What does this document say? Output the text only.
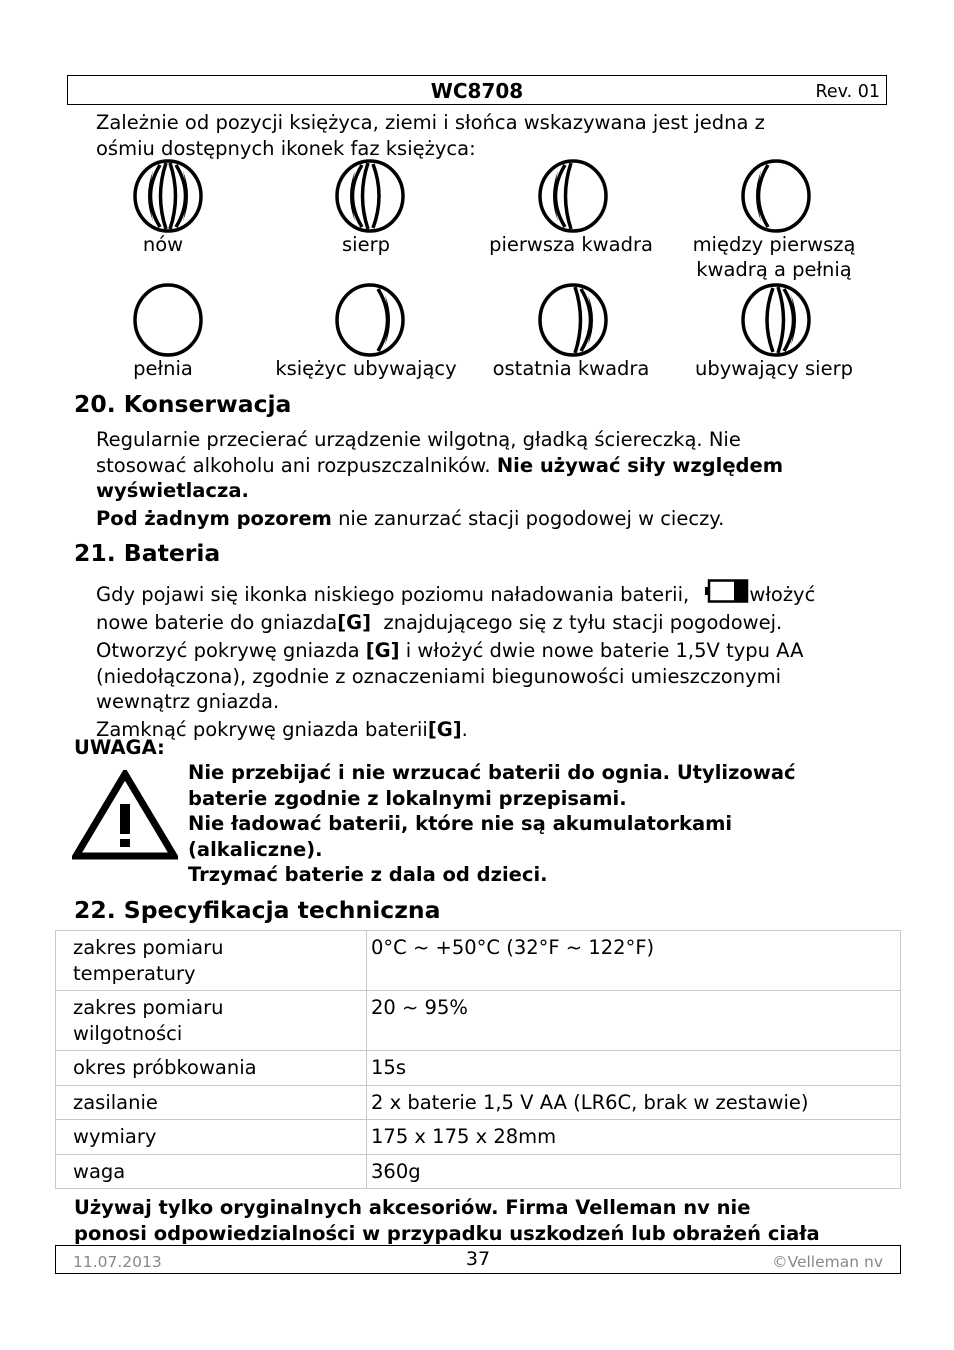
WC8708	Rev. 01
Zależnie od pozycji księżyca, ziemi i słońca wskazywana jest jedna z
ośmiu dostępnych ikonek faz księżyca:
nów	sierp	pierwsza kwadra	między pierwszą
kwadrą a pełnią
pełnia	księżyc ubywający	ostatnia kwadra	ubywający sierp
20. Konserwacja
Regularnie przecierać urządzenie wilgotną, gładką ściereczką. Nie
stosować alkoholu ani rozpuszczalników. Nie używać siły względem
wyświetlacza.
Pod żadnym pozorem nie zanurzać stacji pogodowej w cieczy.
21. Bateria
Gdy pojawi się ikonka niskiego poziomu naładowania baterii,	włożyć
nowe baterie do gniazda[G]  znajdującego się z tyłu stacji pogodowej.
Otworzyć pokrywę gniazda [G] i włożyć dwie nowe baterie 1,5V typu AA
(niedołączona), zgodnie z oznaczeniami biegunowości umieszczonymi
wewnątrz gniazda.
Zamknąć pokrywę gniazda baterii[G].
UWAGA:
Nie przebijać i nie wrzucać baterii do ognia. Utylizować
baterie zgodnie z lokalnymi przepisami.
Nie ładować baterii, które nie są akumulatorkami
(alkaliczne).
Trzymać baterie z dala od dzieci.
22. Specyfikacja techniczna
zakres pomiaru
temperatury	0°C ~ +50°C (32°F ~ 122°F)

zakres pomiaru
wilgotności	20 ~ 95%
okres próbkowania	15s
zasilanie	2 x baterie 1,5 V AA (LR6C, brak w zestawie)
wymiary	175 x 175 x 28mm
waga	360g
Używaj tylko oryginalnych akcesoriów. Firma Velleman nv nie
ponosi odpowiedzialności w przypadku uszkodzeń lub obrażeń ciała
11.07.2013	37	©Velleman nv
